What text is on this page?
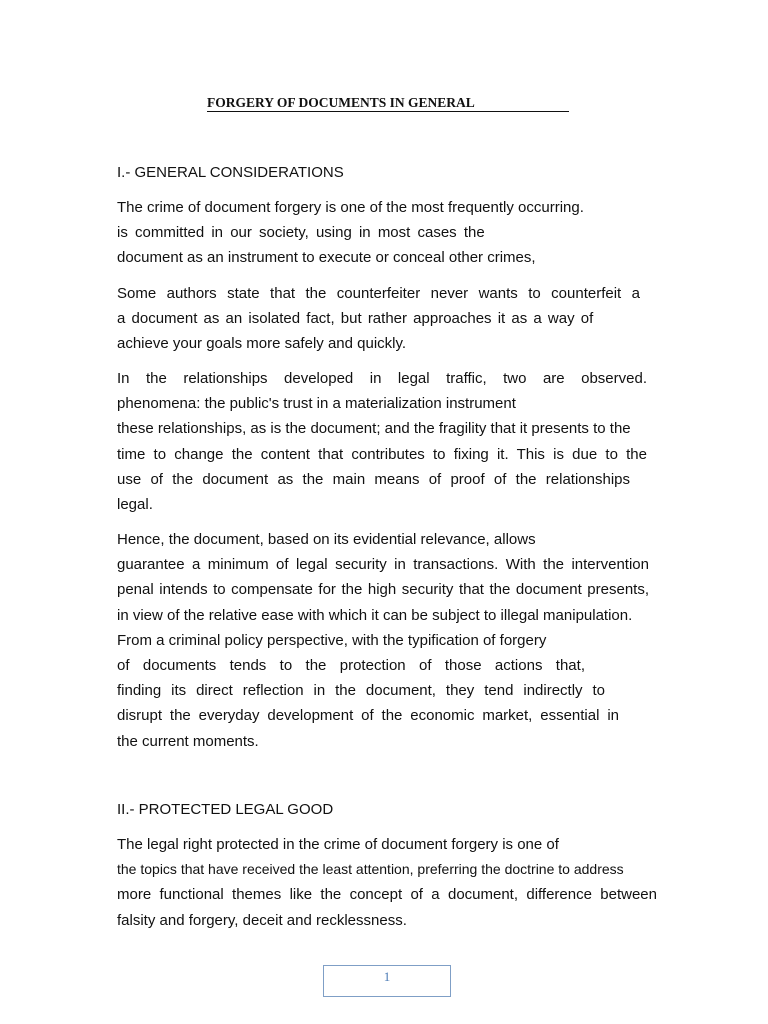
FORGERY OF DOCUMENTS IN GENERAL
I.- GENERAL CONSIDERATIONS
The crime of document forgery is one of the most frequently occurring.
is committed in our society, using in most cases the
document as an instrument to execute or conceal other crimes,
Some authors state that the counterfeiter never wants to counterfeit a
a document as an isolated fact, but rather approaches it as a way of
achieve your goals more safely and quickly.
In the relationships developed in legal traffic, two are observed.
phenomena: the public's trust in a materialization instrument
these relationships, as is the document; and the fragility that it presents to the
time to change the content that contributes to fixing it. This is due to the
use of the document as the main means of proof of the relationships
legal.
Hence, the document, based on its evidential relevance, allows
guarantee a minimum of legal security in transactions. With the intervention
penal intends to compensate for the high security that the document presents,
in view of the relative ease with which it can be subject to illegal manipulation.
From a criminal policy perspective, with the typification of forgery
of documents tends to the protection of those actions that,
finding its direct reflection in the document, they tend indirectly to
disrupt the everyday development of the economic market, essential in
the current moments.
II.- PROTECTED LEGAL GOOD
The legal right protected in the crime of document forgery is one of
the topics that have received the least attention, preferring the doctrine to address
more functional themes like the concept of a document, difference between
falsity and forgery, deceit and recklessness.
1
